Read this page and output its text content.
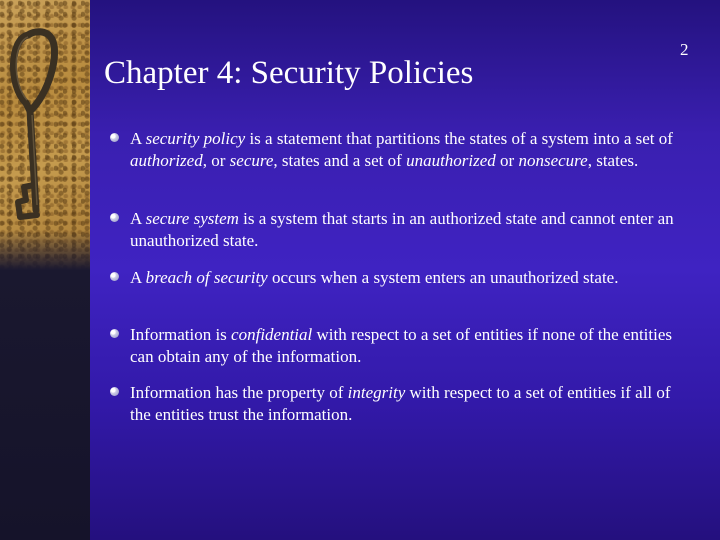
2
Chapter 4: Security Policies
A security policy is a statement that partitions the states of a system into a set of authorized, or secure, states and a set of unauthorized or nonsecure, states.
A secure system is a system that starts in an authorized state and cannot enter an unauthorized state.
A breach of security occurs when a system enters an unauthorized state.
Information is confidential with respect to a set of entities if none of the entities can obtain any of the information.
Information has the property of integrity with respect to a set of entities if all of the entities trust the information.
